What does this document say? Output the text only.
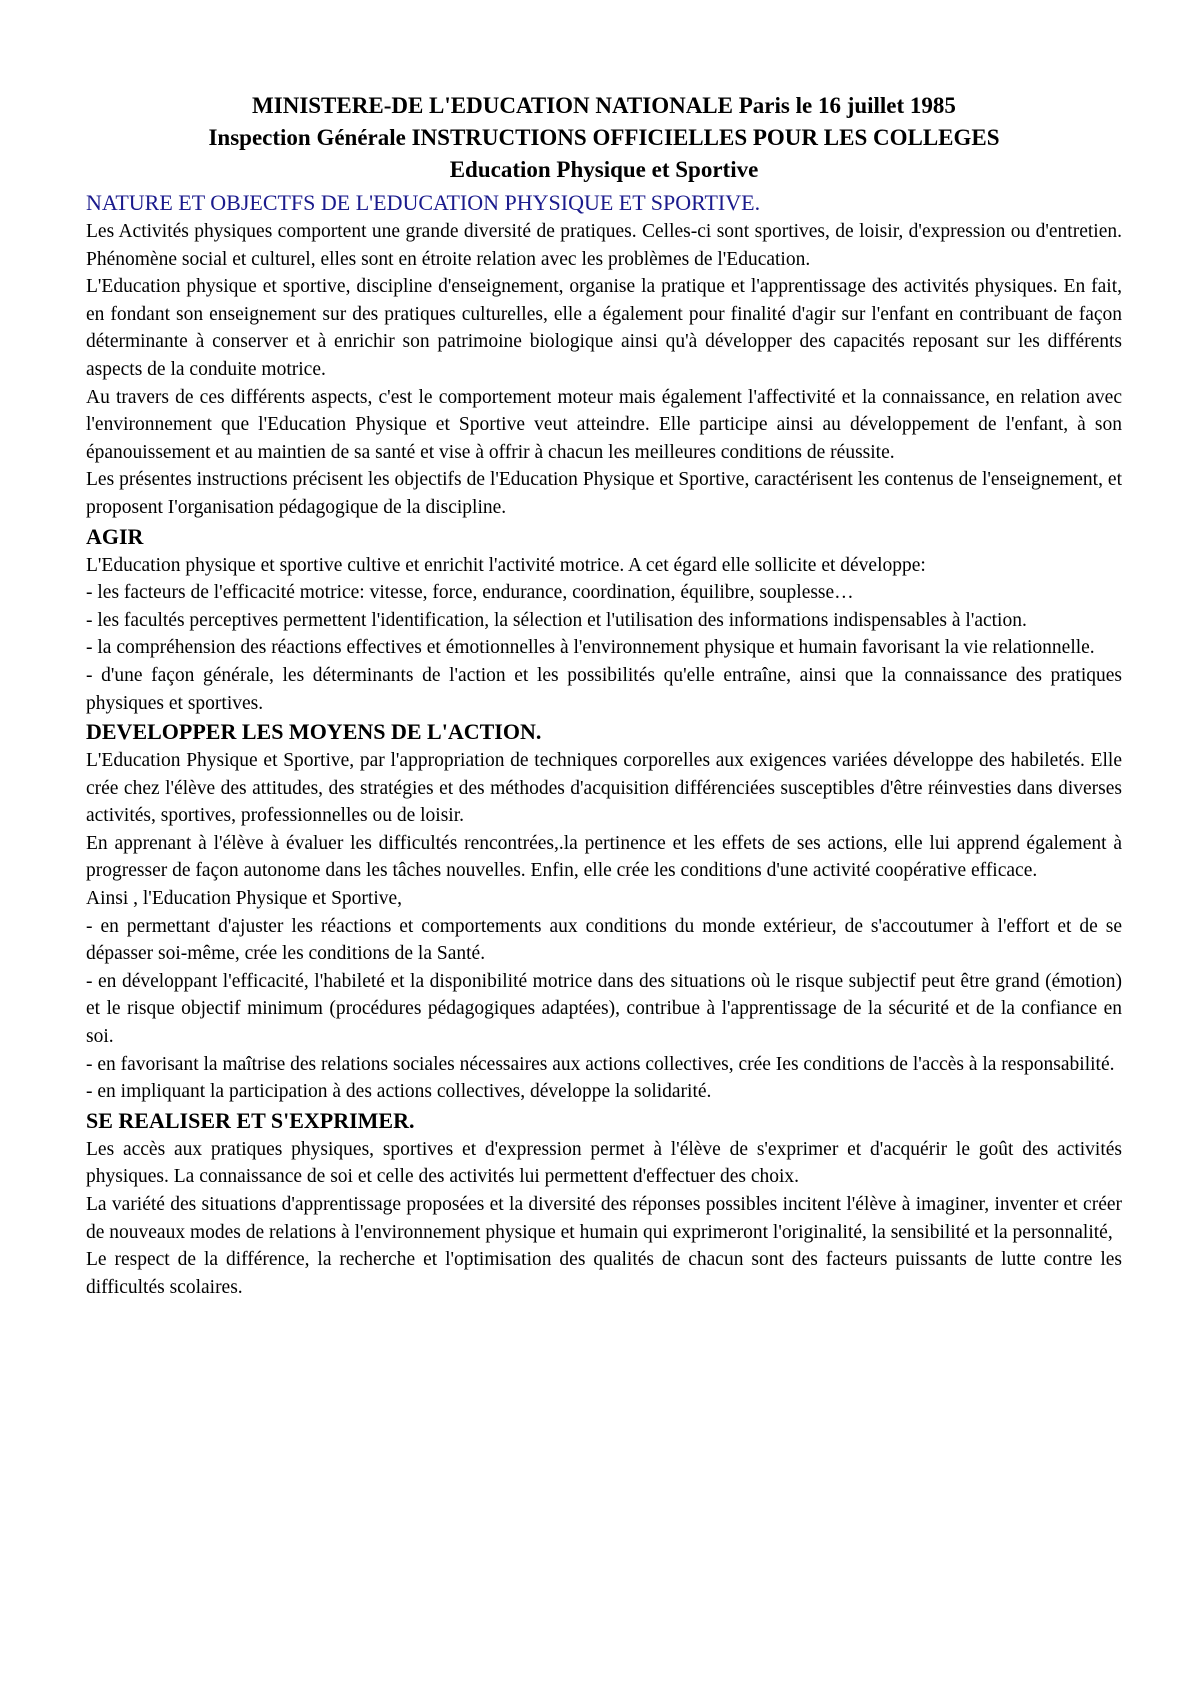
MINISTERE-DE L'EDUCATION NATIONALE Paris le 16 juillet 1985
Inspection Générale INSTRUCTIONS OFFICIELLES POUR LES COLLEGES
Education Physique et Sportive
NATURE ET OBJECTFS DE L'EDUCATION PHYSIQUE ET SPORTIVE.

Les Activités physiques comportent une grande diversité de pratiques. Celles-ci sont sportives, de loisir, d'expression ou d'entretien. Phénomène social et culturel, elles sont en étroite relation avec les problèmes de l'Education.

L'Education physique et sportive, discipline d'enseignement, organise la pratique et l'apprentissage des activités physiques. En fait, en fondant son enseignement sur des pratiques culturelles, elle a également pour finalité d'agir sur l'enfant en contribuant de façon déterminante à conserver et à enrichir son patrimoine biologique ainsi qu'à développer des capacités reposant sur les différents aspects de la conduite motrice.

Au travers de ces différents aspects, c'est le comportement moteur mais également l'affectivité et la connaissance, en relation avec l'environnement que l'Education Physique et Sportive veut atteindre. Elle participe ainsi au développement de l'enfant, à son épanouissement et au maintien de sa santé et vise à offrir à chacun les meilleures conditions de réussite.

Les présentes instructions précisent les objectifs de l'Education Physique et Sportive, caractérisent les contenus de l'enseignement, et proposent I'organisation pédagogique de la discipline.

AGIR

L'Education physique et sportive cultive et enrichit l'activité motrice. A cet égard elle sollicite et développe:

- les facteurs de l'efficacité motrice: vitesse, force, endurance, coordination, équilibre, souplesse…

- les facultés perceptives permettent l'identification, la sélection et l'utilisation des informations indispensables à l'action.

- la compréhension des réactions effectives et émotionnelles à l'environnement physique et humain favorisant la vie relationnelle.

- d'une façon générale, les déterminants de l'action et les possibilités qu'elle entraîne, ainsi que la connaissance des pratiques physiques et sportives.

DEVELOPPER LES MOYENS DE L'ACTION.

L'Education Physique et Sportive, par l'appropriation de techniques corporelles aux exigences variées développe des habiletés. Elle crée chez l'élève des attitudes, des stratégies et des méthodes d'acquisition différenciées susceptibles d'être réinvesties dans diverses activités, sportives, professionnelles ou de loisir.

En apprenant à l'élève à évaluer les difficultés rencontrées,.la pertinence et les effets de ses actions, elle lui apprend également à progresser de façon autonome dans les tâches nouvelles. Enfin, elle crée les conditions d'une activité coopérative efficace.

Ainsi , l'Education Physique et Sportive,

- en permettant d'ajuster les réactions et comportements aux conditions du monde extérieur, de s'accoutumer à l'effort et de se dépasser soi-même, crée les conditions de la Santé.

- en développant l'efficacité, l'habileté et la disponibilité motrice dans des situations où le risque subjectif peut être grand (émotion) et le risque objectif minimum (procédures pédagogiques adaptées), contribue à l'apprentissage de la sécurité et de la confiance en soi.

- en favorisant la maîtrise des relations sociales nécessaires aux actions collectives, crée Ies conditions de l'accès à la responsabilité.

- en impliquant la participation à des actions collectives, développe la solidarité.

SE REALISER ET S'EXPRIMER.

Les accès aux pratiques physiques, sportives et d'expression permet à l'élève de s'exprimer et d'acquérir le goût des activités physiques. La connaissance de soi et celle des activités lui permettent d'effectuer des choix.

La variété des situations d'apprentissage proposées et la diversité des réponses possibles incitent l'élève à imaginer, inventer et créer de nouveaux modes de relations à l'environnement physique et humain qui exprimeront l'originalité, la sensibilité et la personnalité,

Le respect de la différence, la recherche et l'optimisation des qualités de chacun sont des facteurs puissants de lutte contre les difficultés scolaires.
